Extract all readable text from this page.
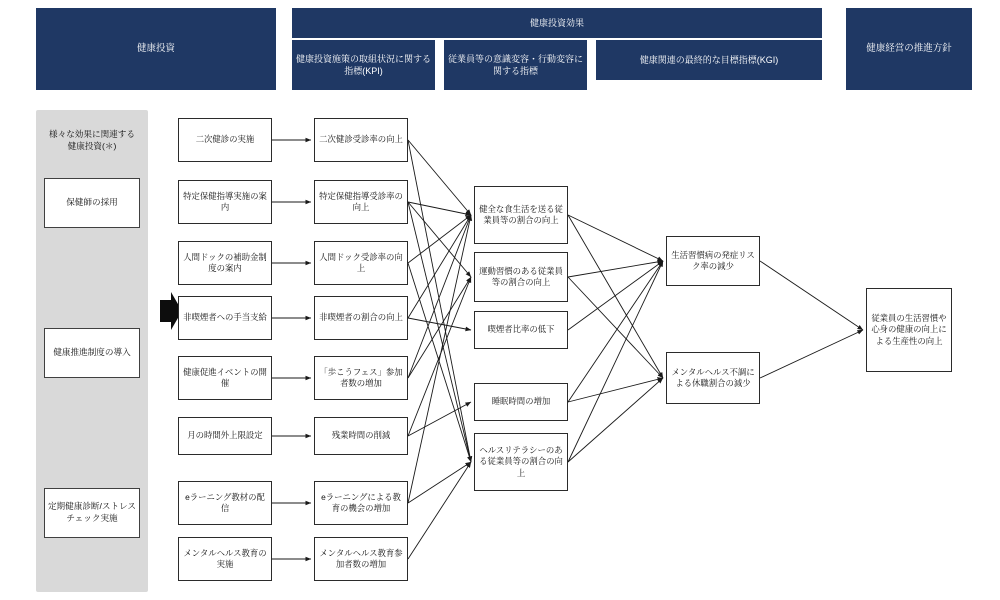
健康投資
健康投資効果
健康投資施策の取組状況に関する指標(KPI)
従業員等の意識変容・行動変容に関する指標
健康関連の最終的な目標指標(KGI)
健康経営の推進方針
様々な効果に関連する健康投資(＊)
保健師の採用
健康推進制度の導入
定期健康診断/ストレスチェック実施
二次健診の実施
特定保健指導実施の案内
人間ドックの補助金制度の案内
非喫煙者への手当支給
健康促進イベントの開催
月の時間外上限設定
eラーニング教材の配信
メンタルヘルス教育の実施
二次健診受診率の向上
特定保健指導受診率の向上
人間ドック受診率の向上
非喫煙者の割合の向上
「歩こうフェス」参加者数の増加
残業時間の削減
eラーニングによる教育の機会の増加
メンタルヘルス教育参加者数の増加
健全な食生活を送る従業員等の割合の向上
運動習慣のある従業員等の割合の向上
喫煙者比率の低下
睡眠時間の増加
ヘルスリテラシーのある従業員等の割合の向上
生活習慣病の発症リスク率の減少
メンタルヘルス不調による休職割合の減少
従業員の生活習慣や心身の健康の向上による生産性の向上
